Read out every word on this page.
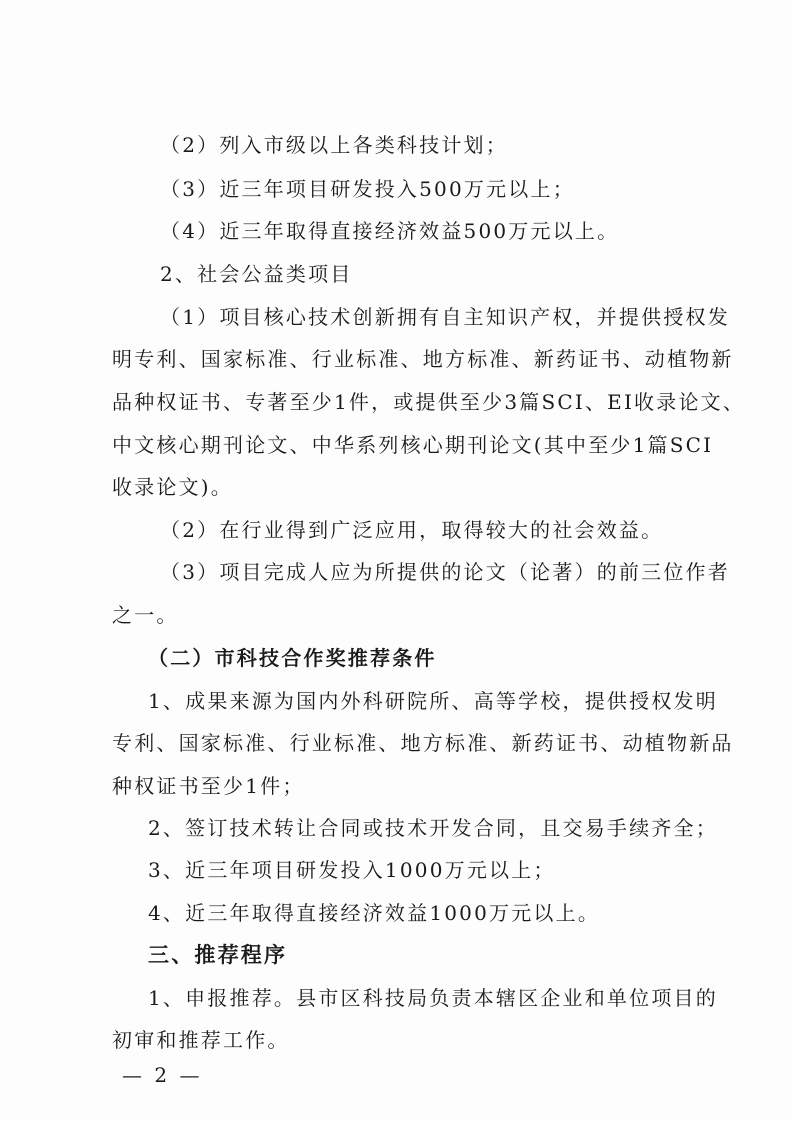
（2）列入市级以上各类科技计划；

（3）近三年项目研发投入500万元以上；

（4）近三年取得直接经济效益500万元以上。

2、社会公益类项目

（1）项目核心技术创新拥有自主知识产权，并提供授权发

明专利、国家标准、行业标准、地方标准、新药证书、动植物新

品种权证书、专著至少1件，或提供至少3篇SCI、EI收录论文、

中文核心期刊论文、中华系列核心期刊论文(其中至少1篇SCI

收录论文)。

（2）在行业得到广泛应用，取得较大的社会效益。

（3）项目完成人应为所提供的论文（论著）的前三位作者

之一。

（二）市科技合作奖推荐条件

1、成果来源为国内外科研院所、高等学校，提供授权发明

专利、国家标准、行业标准、地方标准、新药证书、动植物新品

种权证书至少1件；

2、签订技术转让合同或技术开发合同，且交易手续齐全；

3、近三年项目研发投入1000万元以上；

4、近三年取得直接经济效益1000万元以上。

三、推荐程序

1、申报推荐。县市区科技局负责本辖区企业和单位项目的

初审和推荐工作。

— 2 —
